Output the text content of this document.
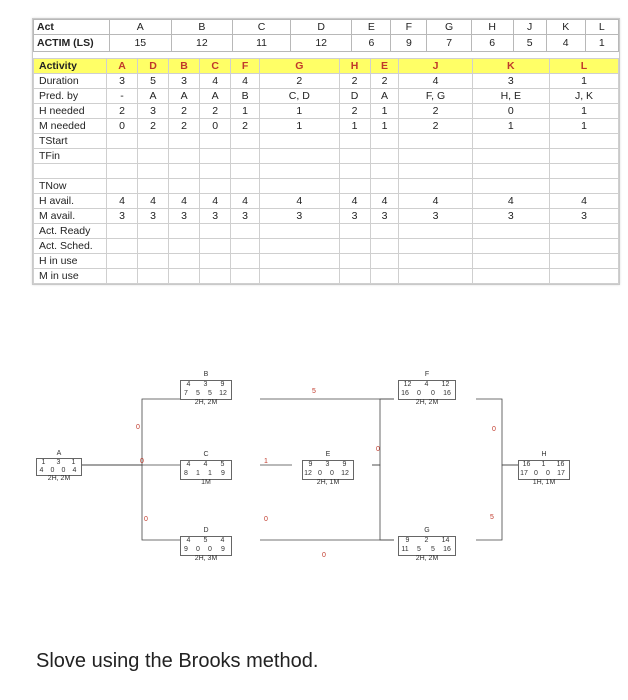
Act	A	B	C	D	E	F	G	H	J	K	L
ACTIM (LS)	15	12	11	12	6	9	7	6	5	4	1
Activity	A	D	B	C	F	G	H	E	J	K	L
Duration	3	5	3	4	4	2	2	2	4	3	1
Pred. by	-	A	A	A	B	C, D	D	A	F, G	H, E	J, K
H needed	2	3	2	2	1	1	2	1	2	0	1
M needed	0	2	2	0	2	1	1	1	2	1	1
TStart											
TFin											

TNow											
H avail.	4	4	4	4	4	4	4	4	4	4	4
M avail.	3	3	3	3	3	3	3	3	3	3	3
Act. Ready											
Act. Sched.											
H in use											
M in use											
A
1	3	1
4	0	0	4
2H, 2M
B
4	3	9
7	5	5	12
2H, 2M
C
4	4	5
8	1	1	9
1M
D
4	5	4
9	0	0	9
2H, 3M
E
9	3	9
12 0	0	12
2H, 1M
F
12	4	12
16	0	0	16
2H, 2M
G
9	2	14
11	5	5	16
2H, 2M
H
16	1	16
17 0	0	17
1H, 1M
0
0
0
1
0
5
0
0
0
5
Slove using the Brooks method.
